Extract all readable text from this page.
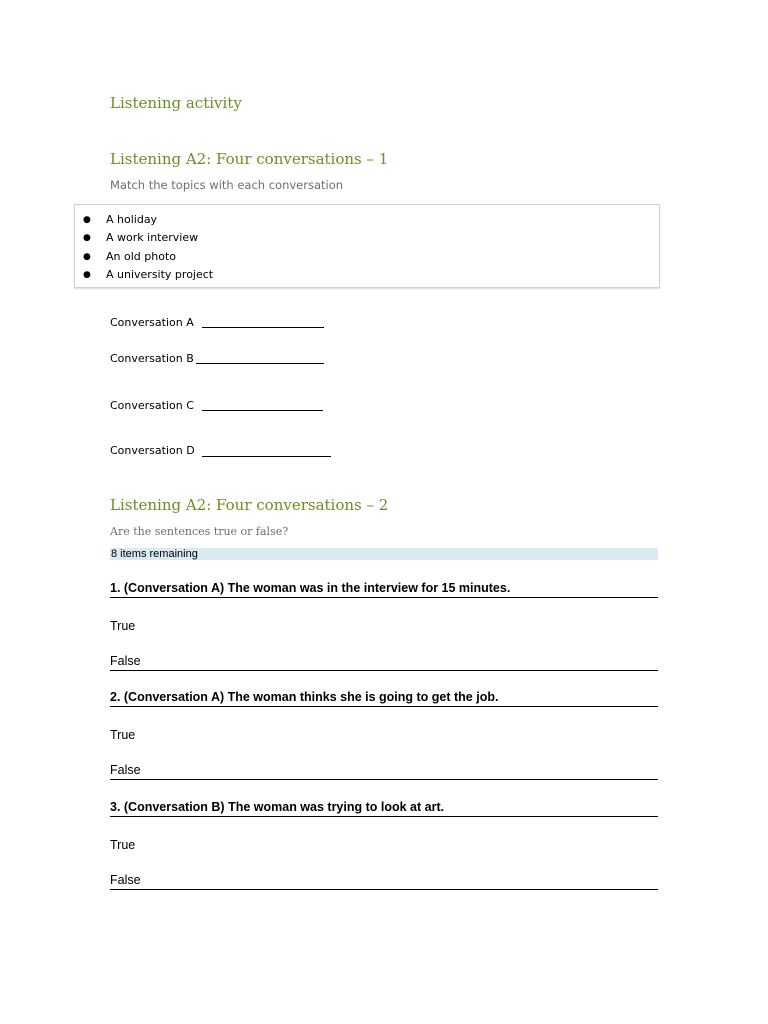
Listening activity
Listening A2: Four conversations – 1
Match the topics with each conversation
● A holiday
● A work interview
● An old photo
● A university project
Conversation A
Conversation B
Conversation C
Conversation D
Listening A2: Four conversations – 2
Are the sentences true or false?
8 items remaining
1. (Conversation A) The woman was in the interview for 15 minutes.
True
False
2. (Conversation A) The woman thinks she is going to get the job.
True
False
3. (Conversation B) The woman was trying to look at art.
True
False
